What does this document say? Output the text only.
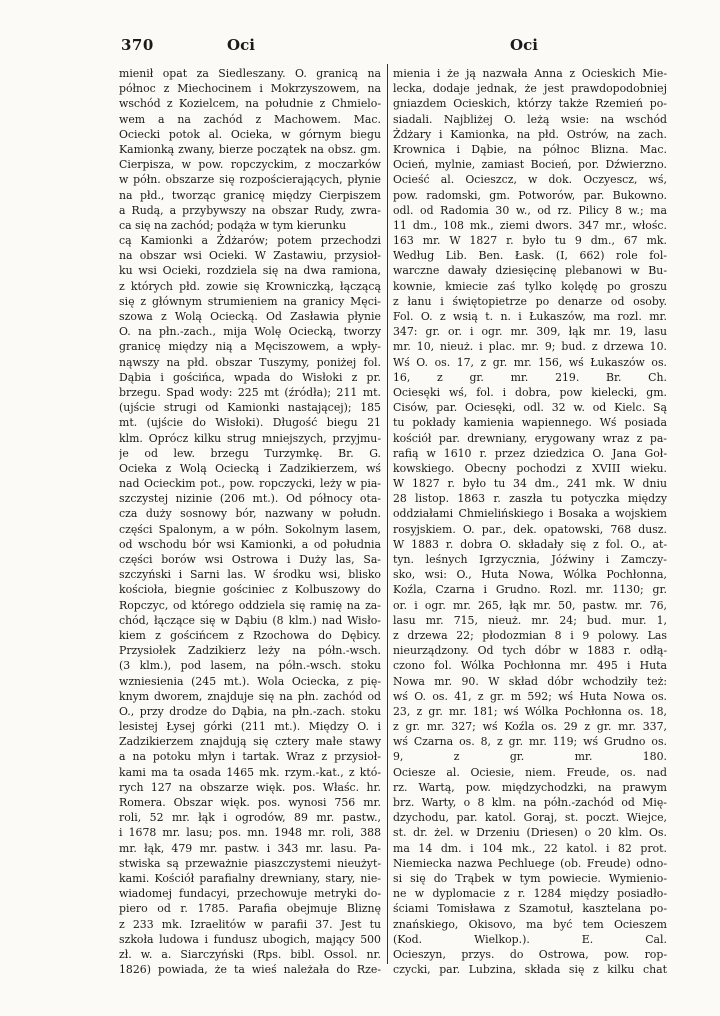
370	Oci	Oci
mienił opat za Siedleszany. O. granicą na
północ z Miechocinem i Mokrzyszowem, na
wschód z Kozielcem, na południe z Chmielo-
wem a na zachód z Machowem. Mac.
Ociecki potok al. Ocieka, w górnym biegu
Kamionką zwany, bierze początek na obsz. gm.
Cierpisza, w pow. ropczyckim, z moczarków
w półn. obszarze się rozpościerających, płynie
na płd., tworząc granicę między Cierpiszem
a Rudą, a przybywszy na obszar Rudy, zwra-
ca się na zachód; podąża w tym kierunku
cą Kamionki a Żdżarów; potem przechodzi
na obszar wsi Ocieki. W Zastawiu, przysioł-
ku wsi Ocieki, rozdziela się na dwa ramiona,
z których płd. zowie się Krowniczką, łączącą
się z głównym strumieniem na granicy Męci-
szowa z Wolą Ociecką. Od Zasławia płynie
O. na płn.-zach., mija Wolę Ociecką, tworzy
granicę między nią a Męciszowem, a wpły-
nąwszy na płd. obszar Tuszymy, poniżej fol.
Dąbia i gościńca, wpada do Wisłoki z pr.
brzegu. Spad wody: 225 mt (źródła); 211 mt.
(ujście strugi od Kamionki nastającej); 185
mt. (ujście do Wisłoki). Długość biegu 21
klm. Oprócz kilku strug mniejszych, przyjmu-
je od lew. brzegu Turzymkę. Br. G.
Ocieka z Wolą Ociecką i Zadzikierzem, wś
nad Ocieckim pot., pow. ropczycki, leży w pia-
szczystej nizinie (206 mt.). Od północy ota-
cza duży sosnowy bór, nazwany w połudn.
części Spalonym, a w półn. Sokolnym lasem,
od wschodu bór wsi Kamionki, a od południa
części borów wsi Ostrowa i Duży las, Sa-
szczyński i Sarni las. W środku wsi, blisko
kościoła, biegnie gościniec z Kolbuszowy do
Ropczyc, od którego oddziela się ramię na za-
chód, łączące się w Dąbiu (8 klm.) nad Wisło-
kiem z gościńcem z Rzochowa do Dębicy.
Przysiołek Zadzikierz leży na półn.-wsch.
(3 klm.), pod lasem, na półn.-wsch. stoku
wzniesienia (245 mt.). Wola Ociecka, z pię-
knym dworem, znajduje się na płn. zachód od
O., przy drodze do Dąbia, na płn.-zach. stoku
lesistej Łysej górki (211 mt.). Między O. i
Zadzikierzem znajdują się cztery małe stawy
a na potoku młyn i tartak. Wraz z przysioł-
kami ma ta osada 1465 mk. rzym.-kat., z któ-
rych 127 na obszarze więk. pos. Właśc. hr.
Romera. Obszar więk. pos. wynosi 756 mr.
roli, 52 mr. łąk i ogrodów, 89 mr. pastw.,
i 1678 mr. lasu; pos. mn. 1948 mr. roli, 388
mr. łąk, 479 mr. pastw. i 343 mr. lasu. Pa-
stwiska są przeważnie piaszczystemi nieużyt-
kami. Kościół parafialny drewniany, stary, nie-
wiadomej fundacyi, przechowuje metryki do-
piero od r. 1785. Parafia obejmuje Bliznę
z 233 mk. Izraelitów w parafii 37. Jest tu
szkoła ludowa i fundusz ubogich, mający 500
zł. w. a. Siarczyński (Rps. bibl. Ossol. nr.
1826) powiada, że ta wieś należała do Rze-
mienia i że ją nazwała Anna z Ocieskich Mie-
lecka, dodaje jednak, że jest prawdopodobniej
gniazdem Ocieskich, którzy także Rzemień po-
siadali. Najbliżej O. leżą wsie: na wschód
Żdżary i Kamionka, na płd. Ostrów, na zach.
Krownica i Dąbie, na północ Blizna. Mac.
Ocień, mylnie, zamiast Bocień, por. Dźwierzno.
Ocieść al. Ocieszcz, w dok. Oczyescz, wś,
pow. radomski, gm. Potworów, par. Bukowno.
odl. od Radomia 30 w., od rz. Pilicy 8 w.; ma
11 dm., 108 mk., ziemi dwors. 347 mr., włośc.
163 mr. W 1827 r. było tu 9 dm., 67 mk.
Według Lib. Ben. Łask. (I, 662) role fol-
warczne dawały dziesięcinę plebanowi w Bu-
kownie, kmiecie zaś tylko kolędę po groszu
z łanu i świętopietrze po denarze od osoby.
Fol. O. z wsią t. n. i Łukaszów, ma rozl. mr.
347: gr. or. i ogr. mr. 309, łąk mr. 19, lasu
mr. 10, nieuż. i plac. mr. 9; bud. z drzewa 10.
Wś O. os. 17, z gr. mr. 156, wś Łukaszów os.
16, z gr. mr. 219. Br. Ch.
Ociesęki wś, fol. i dobra, pow kielecki, gm.
Cisów, par. Ociesęki, odl. 32 w. od Kielc. Są
tu pokłady kamienia wapiennego. Wś posiada
kościół par. drewniany, erygowany wraz z pa-
rafią w 1610 r. przez dziedzica O. Jana Goł-
kowskiego. Obecny pochodzi z XVIII wieku.
W 1827 r. było tu 34 dm., 241 mk. W dniu
28 listop. 1863 r. zaszła tu potyczka między
oddziałami Chmielińskiego i Bosaka a wojskiem
rosyjskiem. O. par., dek. opatowski, 768 dusz.
W 1883 r. dobra O. składały się z fol. O., at-
tyn. leśnych Igrzycznia, Jóźwiny i Zamczy-
sko, wsi: O., Huta Nowa, Wólka Pochłonna,
Koźla, Czarna i Grudno. Rozl. mr. 1130; gr.
or. i ogr. mr. 265, łąk mr. 50, pastw. mr. 76,
lasu mr. 715, nieuż. mr. 24; bud. mur. 1,
z drzewa 22; płodozmian 8 i 9 polowy. Las
nieurządzony. Od tych dóbr w 1883 r. odłą-
czono fol. Wólka Pochłonna mr. 495 i Huta
Nowa mr. 90. W skład dóbr wchodziły też:
wś O. os. 41, z gr. m 592; wś Huta Nowa os.
23, z gr. mr. 181; wś Wólka Pochłonna os. 18,
z gr. mr. 327; wś Koźla os. 29 z gr. mr. 337,
wś Czarna os. 8, z gr. mr. 119; wś Grudno os.
9, z gr. mr. 180.
Ociesze al. Ociesie, niem. Freude, os. nad
rz. Wartą, pow. międzychodzki, na prawym
brz. Warty, o 8 klm. na półn.-zachód od Mię-
dzychodu, par. katol. Goraj, st. poczt. Wiejce,
st. dr. żel. w Drzeniu (Driesen) o 20 klm. Os.
ma 14 dm. i 104 mk., 22 katol. i 82 prot.
Niemiecka nazwa Pechluege (ob. Freude) odno-
si się do Trąbek w tym powiecie. Wymienio-
ne w dyplomacie z r. 1284 między posiadło-
ściami Tomisława z Szamotuł, kasztelana po-
znańskiego, Okisovo, ma być tem Ocieszem
(Kod. Wielkop.). E. Cal.
Ocieszyn, przys. do Ostrowa, pow. rop-
czycki, par. Lubzina, składa się z kilku chat
